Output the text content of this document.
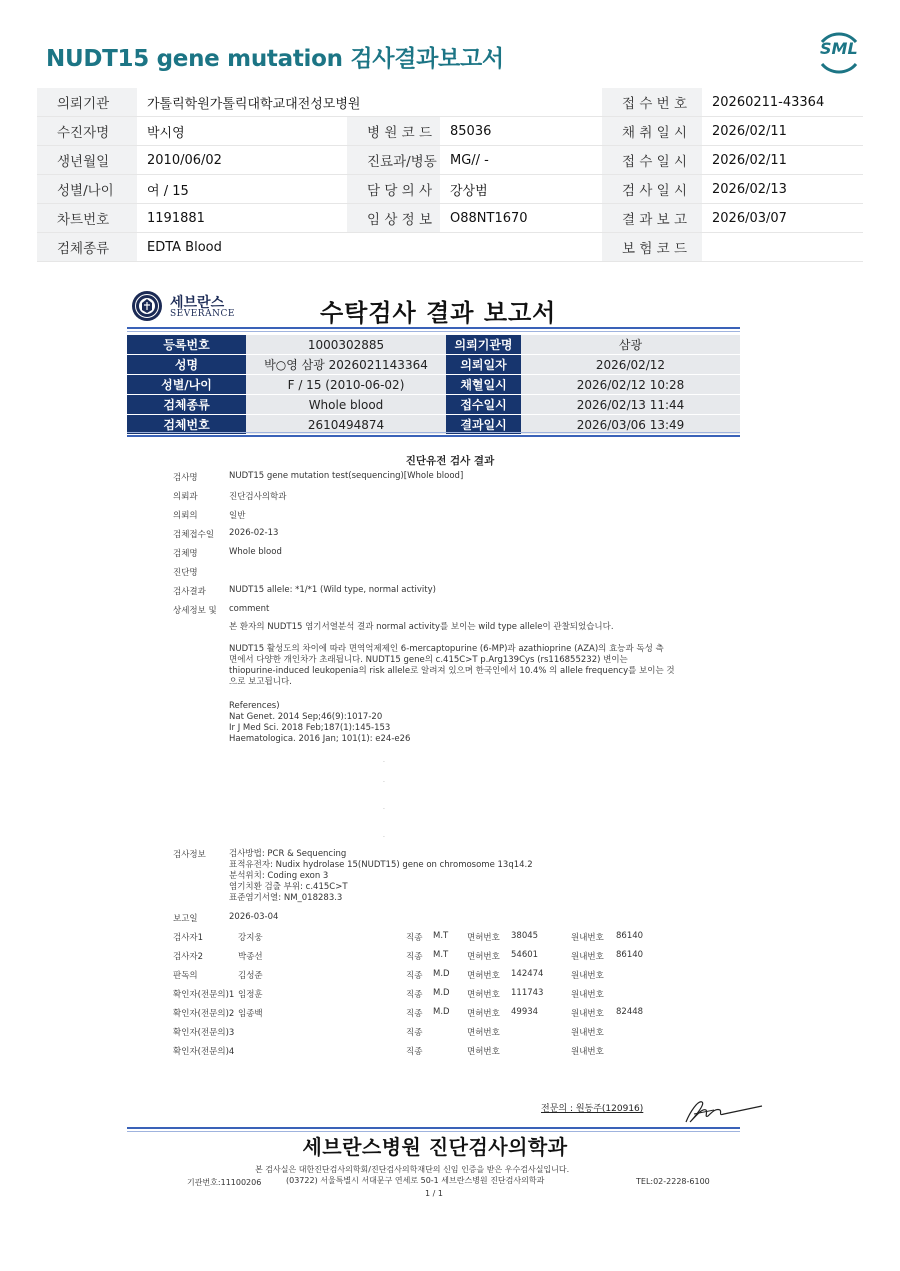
NUDT15 gene mutation 검사결과보고서	SML
의뢰기관	가톨릭학원가톨릭대학교대전성모병원			접 수 번 호	20260211-43364
수진자명	박시영	병 원 코 드	85036	채 취 일 시	2026/02/11
생년월일	2010/06/02	진료과/병동	MG// -	접 수 일 시	2026/02/11
성별/나이	여 / 15	담 당 의 사	강상범	검 사 일 시	2026/02/13
차트번호	1191881	임 상 정 보	O88NT1670	결 과 보 고	2026/03/07
검체종류	EDTA Blood			보 험 코 드	
세브란스
SEVERANCE	수탁검사 결과 보고서
등록번호	1000302885	의뢰기관명	삼광
성명	박○영 삼광 2026021143364	의뢰일자	2026/02/12
성별/나이	F / 15 (2010-06-02)	채혈일시	2026/02/12 10:28
검체종류	Whole blood	접수일시	2026/02/13 11:44
검체번호	2610494874	결과일시	2026/03/06 13:49
진단유전 검사 결과
검사명	NUDT15 gene mutation test(sequencing)[Whole blood]
의뢰과	진단검사의학과
의뢰의	일반
검체접수일 2026-02-13
검체명	Whole blood
진단명
검사결과	NUDT15 allele: *1/*1 (Wild type, normal activity)
상세정보 및 comment
본 환자의 NUDT15 염기서열분석 결과 normal activity를 보이는 wild type allele이 관찰되었습니다.
NUDT15 활성도의 차이에 따라 면역억제제인 6-mercaptopurine (6-MP)과 azathioprine (AZA)의 효능과 독성 측
면에서 다양한 개인차가 초래됩니다. NUDT15 gene의 c.415C>T p.Arg139Cys (rs116855232) 변이는
thiopurine-induced leukopenia의 risk allele로 알려져 있으며 한국인에서 10.4% 의 allele frequency를 보이는 것
으로 보고됩니다.
References)
Nat Genet. 2014 Sep;46(9):1017-20
Ir J Med Sci. 2018 Feb;187(1):145-153
Haematologica. 2016 Jan; 101(1): e24-e26
.
.
.
.
검사정보	검사방법: PCR & Sequencing
표적유전자: Nudix hydrolase 15(NUDT15) gene on chromosome 13q14.2
분석위치: Coding exon 3
염기치환 검출 부위: c.415C>T
표준염기서열: NM_018283.3
보고일	2026-03-04
검사자1	강지웅	직종 M.T 면허번호 38045	원내번호 86140
검사자2	박종선	직종 M.T 면허번호 54601	원내번호 86140
판독의	김성준	직종 M.D 면허번호 142474	원내번호
확인자(전문의)1 임정훈	직종 M.D 면허번호 111743	원내번호
확인자(전문의)2 임종백	직종 M.D 면허번호 49934	원내번호 82448
확인자(전문의)3	직종	면허번호	원내번호
확인자(전문의)4	직종	면허번호	원내번호
전문의 : 원동주(120916)
세브란스병원 진단검사의학과
본 검사실은 대한진단검사의학회/진단검사의학재단의 신임 인증을 받은 우수검사실입니다.
기관번호:11100206	(03722) 서울특별시 서대문구 연세로 50-1 세브란스병원 진단검사의학과	TEL:02-2228-6100
1 / 1
